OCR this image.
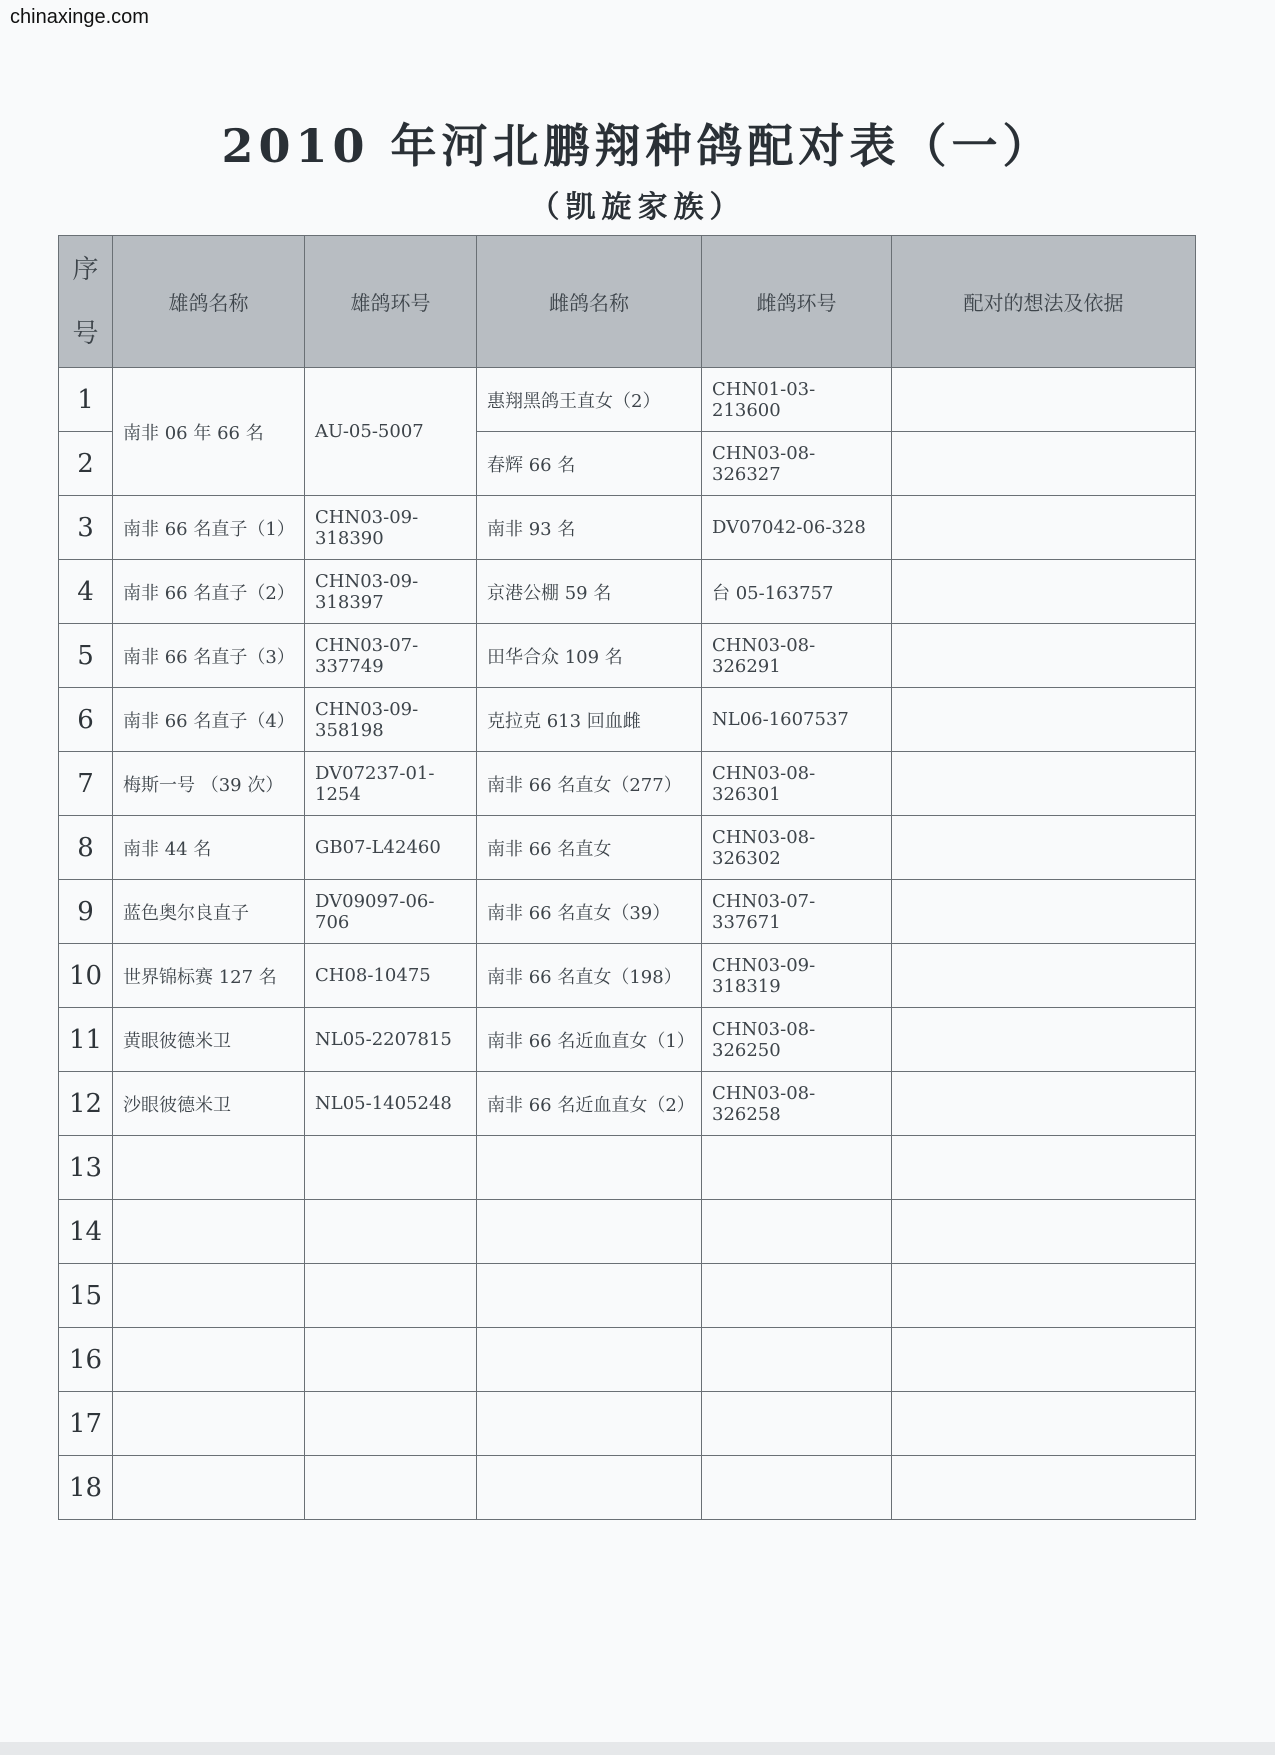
chinaxinge.com
2010 年河北鹏翔种鸽配对表（一）
（凯旋家族）
序
号	雄鸽名称	雄鸽环号	雌鸽名称	雌鸽环号	配对的想法及依据
1	南非 06 年 66 名	AU-05-5007	惠翔黑鸽王直女（2）	CHN01-03-213600	
2			春辉 66 名	CHN03-08-326327	
3	南非 66 名直子（1）	CHN03-09-318390	南非 93 名	DV07042-06-328	
4	南非 66 名直子（2）	CHN03-09-318397	京港公棚 59 名	台 05-163757	
5	南非 66 名直子（3）	CHN03-07-337749	田华合众 109 名	CHN03-08-326291	
6	南非 66 名直子（4）	CHN03-09-358198	克拉克 613 回血雌	NL06-1607537	
7	梅斯一号 （39 次）	DV07237-01-1254	南非 66 名直女（277）	CHN03-08-326301	
8	南非 44 名	GB07-L42460	南非 66 名直女	CHN03-08-326302	
9	蓝色奥尔良直子	DV09097-06-706	南非 66 名直女（39）	CHN03-07-337671	
10	世界锦标赛 127 名	CH08-10475	南非 66 名直女（198）	CHN03-09-318319	
11	黄眼彼德米卫	NL05-2207815	南非 66 名近血直女（1）	CHN03-08-326250	
12	沙眼彼德米卫	NL05-1405248	南非 66 名近血直女（2）	CHN03-08-326258	
13					
14					
15					
16					
17					
18					
